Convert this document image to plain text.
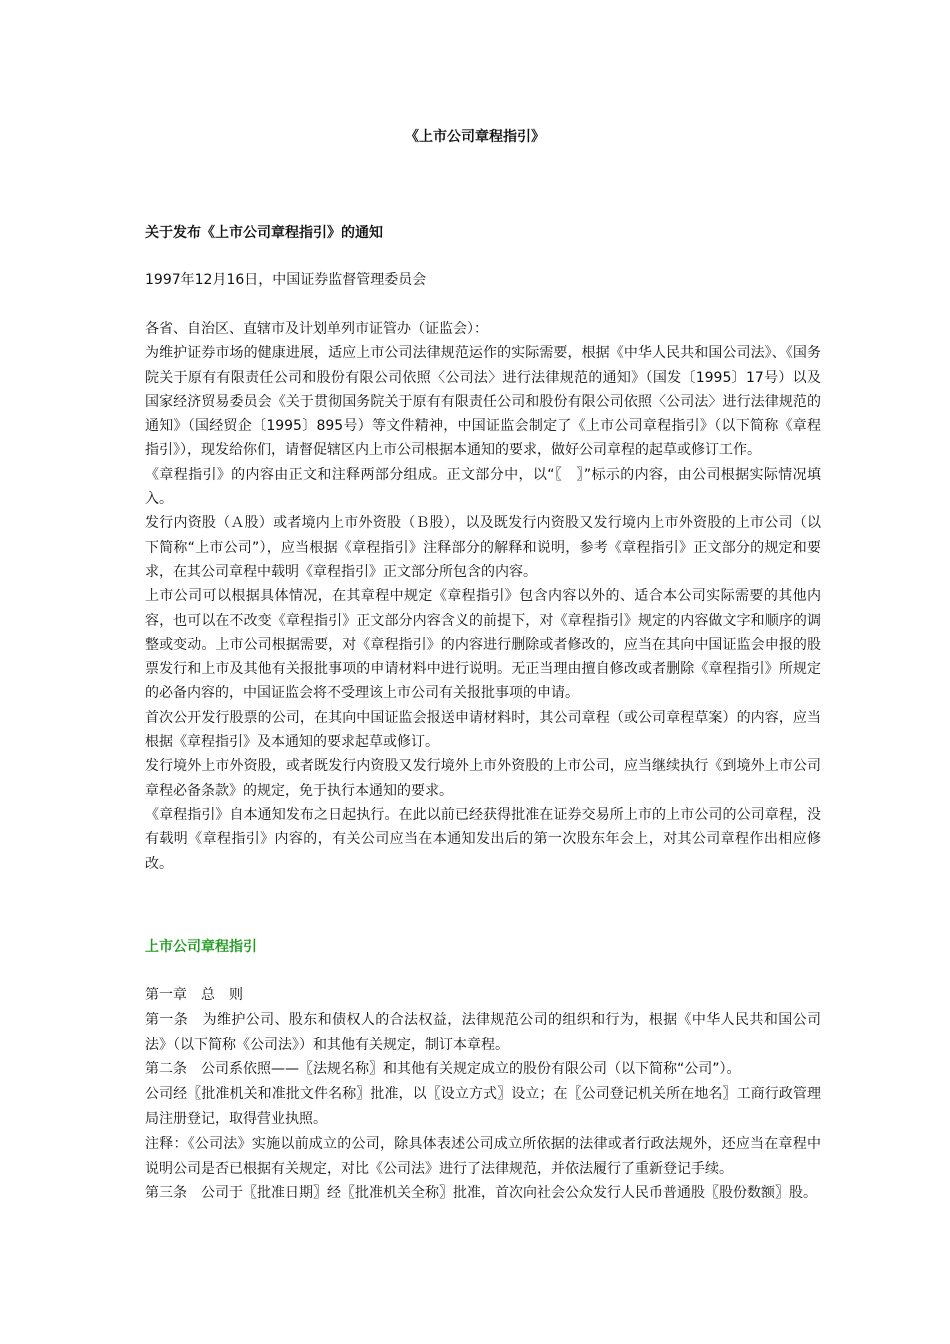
《上市公司章程指引》
关于发布《上市公司章程指引》的通知

1997年12月16日，中国证券监督管理委员会

各省、自治区、直辖市及计划单列市证管办（证监会）：

为维护证券市场的健康进展，适应上市公司法律规范运作的实际需要，根据《中华人民共和国公司法》、《国务院关于原有有限责任公司和股份有限公司依照〈公司法〉进行法律规范的通知》（国发〔1995〕17号）以及国家经济贸易委员会《关于贯彻国务院关于原有有限责任公司和股份有限公司依照〈公司法〉进行法律规范的通知》（国经贸企〔1995〕895号）等文件精神，中国证监会制定了《上市公司章程指引》（以下简称《章程指引》），现发给你们，请督促辖区内上市公司根据本通知的要求，做好公司章程的起草或修订工作。

《章程指引》的内容由正文和注释两部分组成。正文部分中，以“〖　〗”标示的内容，由公司根据实际情况填入。

发行内资股（Ａ股）或者境内上市外资股（Ｂ股），以及既发行内资股又发行境内上市外资股的上市公司（以下简称“上市公司”），应当根据《章程指引》注释部分的解释和说明，参考《章程指引》正文部分的规定和要求，在其公司章程中载明《章程指引》正文部分所包含的内容。

上市公司可以根据具体情况，在其章程中规定《章程指引》包含内容以外的、适合本公司实际需要的其他内容，也可以在不改变《章程指引》正文部分内容含义的前提下，对《章程指引》规定的内容做文字和顺序的调整或变动。上市公司根据需要，对《章程指引》的内容进行删除或者修改的，应当在其向中国证监会申报的股票发行和上市及其他有关报批事项的申请材料中进行说明。无正当理由擅自修改或者删除《章程指引》所规定的必备内容的，中国证监会将不受理该上市公司有关报批事项的申请。

首次公开发行股票的公司，在其向中国证监会报送申请材料时，其公司章程（或公司章程草案）的内容，应当根据《章程指引》及本通知的要求起草或修订。

发行境外上市外资股，或者既发行内资股又发行境外上市外资股的上市公司，应当继续执行《到境外上市公司章程必备条款》的规定，免于执行本通知的要求。

《章程指引》自本通知发布之日起执行。在此以前已经获得批准在证券交易所上市的上市公司的公司章程，没有载明《章程指引》内容的，有关公司应当在本通知发出后的第一次股东年会上，对其公司章程作出相应修改。

上市公司章程指引

第一章　总　则

第一条　为维护公司、股东和债权人的合法权益，法律规范公司的组织和行为，根据《中华人民共和国公司法》（以下简称《公司法》）和其他有关规定，制订本章程。

第二条　公司系依照——〖法规名称〗和其他有关规定成立的股份有限公司（以下简称“公司”）。

公司经〖批准机关和准批文件名称〗批准，以〖设立方式〗设立；在〖公司登记机关所在地名〗工商行政管理局注册登记，取得营业执照。

注释：《公司法》实施以前成立的公司，除具体表述公司成立所依据的法律或者行政法规外，还应当在章程中说明公司是否已根据有关规定，对比《公司法》进行了法律规范，并依法履行了重新登记手续。

第三条　公司于〖批准日期〗经〖批准机关全称〗批准，首次向社会公众发行人民币普通股〖股份数额〗股。
